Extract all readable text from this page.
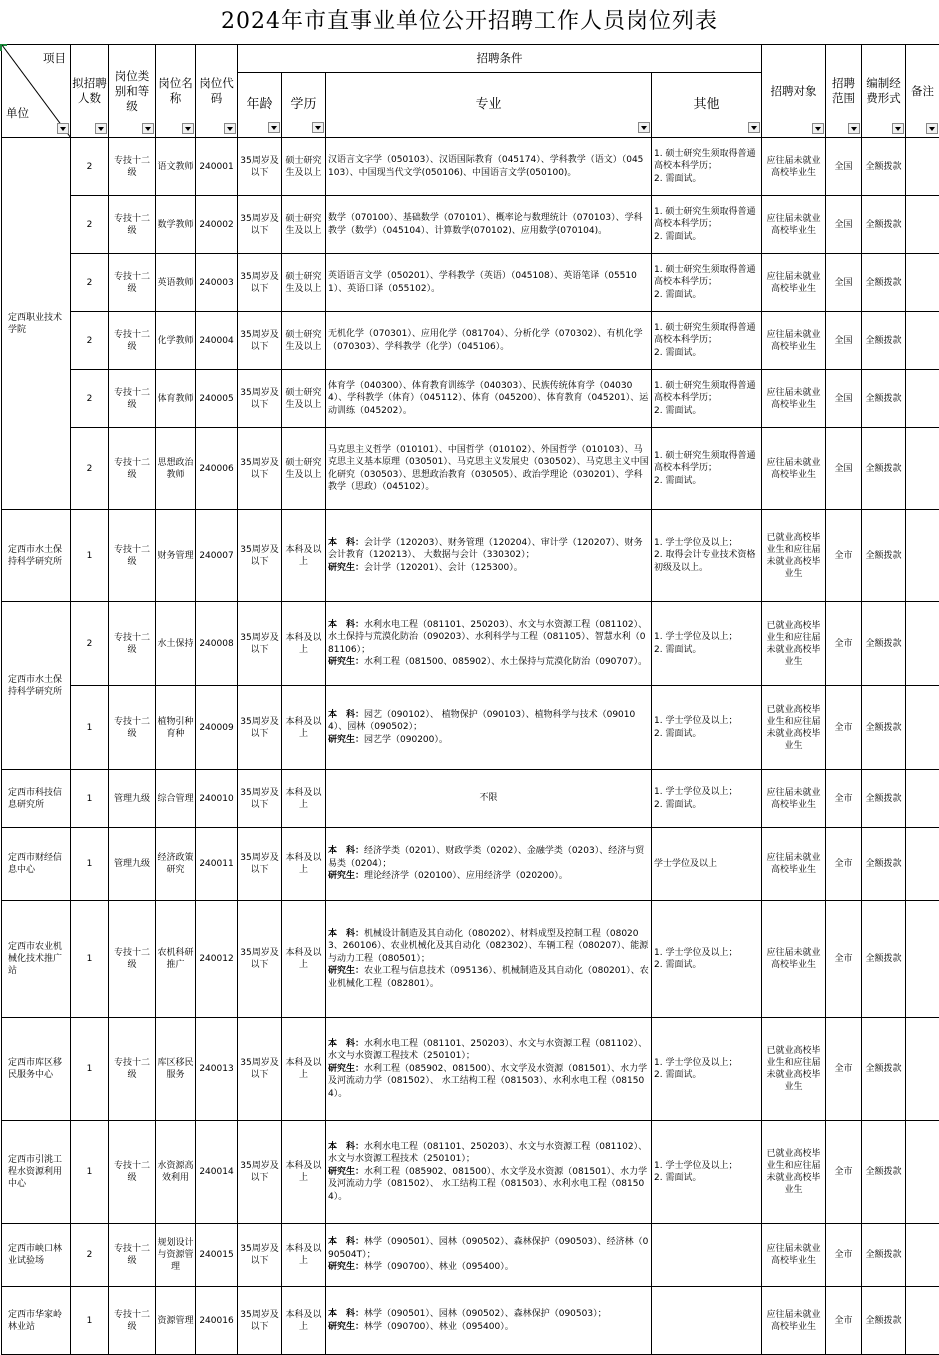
2024年市直事业单位公开招聘工作人员岗位列表
项目
单位	拟招聘人数	岗位类别和等级	岗位名称	岗位代码	招聘条件				招聘对象	招聘范围	编制经费形式	备注

					年龄	学历	专业	其他				

定西职业技术学院	2	专技十二级	语文教师	240001	35周岁及以下	硕士研究生及以上	汉语言文字学（050103）、汉语国际教育（045174）、学科教学（语文）（045103）、中国现当代文学(050106)、中国语言文学(050100)。	1. 硕士研究生须取得普通高校本科学历；
2. 需面试。	应往届未就业高校毕业生	全国	全额拨款	
	2	专技十二级	数学教师	240002	35周岁及以下	硕士研究生及以上	数学（070100）、基础数学（070101）、概率论与数理统计（070103）、学科教学（数学）（045104）、计算数学(070102)、应用数学(070104)。	1. 硕士研究生须取得普通高校本科学历；
2. 需面试。	应往届未就业高校毕业生	全国	全额拨款	
	2	专技十二级	英语教师	240003	35周岁及以下	硕士研究生及以上	英语语言文学（050201）、学科教学（英语）（045108）、英语笔译（055101）、英语口译（055102）。	1. 硕士研究生须取得普通高校本科学历；
2. 需面试。	应往届未就业高校毕业生	全国	全额拨款	
	2	专技十二级	化学教师	240004	35周岁及以下	硕士研究生及以上	无机化学（070301）、应用化学（081704）、分析化学（070302）、有机化学（070303）、学科教学（化学）（045106）。	1. 硕士研究生须取得普通高校本科学历；
2. 需面试。	应往届未就业高校毕业生	全国	全额拨款	
	2	专技十二级	体育教师	240005	35周岁及以下	硕士研究生及以上	体育学（040300）、体育教育训练学（040303）、民族传统体育学（040304）、学科教学（体育）（045112）、体育（045200）、体育教育（045201）、运动训练（045202）。	1. 硕士研究生须取得普通高校本科学历；
2. 需面试。	应往届未就业高校毕业生	全国	全额拨款	
	2	专技十二级	思想政治教师	240006	35周岁及以下	硕士研究生及以上	马克思主义哲学（010101）、中国哲学（010102）、外国哲学（010103）、马克思主义基本原理（030501）、马克思主义发展史（030502）、马克思主义中国化研究（030503）、思想政治教育（030505）、政治学理论（030201）、学科教学（思政）（045102）。	1. 硕士研究生须取得普通高校本科学历；
2. 需面试。	应往届未就业高校毕业生	全国	全额拨款	
定西市水土保持科学研究所	1	专技十二级	财务管理	240007	35周岁及以下	本科及以上	本　科：会计学（120203）、财务管理（120204）、审计学（120207）、财务会计教育（120213）、 大数据与会计（330302）；
研究生：会计学（120201）、会计（125300）。	1. 学士学位及以上；
2. 取得会计专业技术资格初级及以上。	已就业高校毕业生和应往届未就业高校毕业生	全市	全额拨款	
定西市水土保持科学研究所	2	专技十二级	水土保持	240008	35周岁及以下	本科及以上	本　科：水利水电工程（081101、250203）、水文与水资源工程（081102）、水土保持与荒漠化防治（090203）、水利科学与工程（081105）、智慧水利（081106）；
研究生：水利工程（081500、085902）、水土保持与荒漠化防治（090707）。	1. 学士学位及以上；
2. 需面试。	已就业高校毕业生和应往届未就业高校毕业生	全市	全额拨款	
	1	专技十二级	植物引种育种	240009	35周岁及以下	本科及以上	本　科：园艺（090102）、 植物保护（090103）、植物科学与技术（090104）、园林（090502）；
研究生：园艺学（090200）。	1. 学士学位及以上；
2. 需面试。	已就业高校毕业生和应往届未就业高校毕业生	全市	全额拨款	
定西市科技信息研究所	1	管理九级	综合管理	240010	35周岁及以下	本科及以上	不限	1. 学士学位及以上；
2. 需面试。	应往届未就业高校毕业生	全市	全额拨款	
定西市财经信息中心	1	管理九级	经济政策研究	240011	35周岁及以下	本科及以上	本　科：经济学类（0201）、财政学类（0202）、金融学类（0203）、经济与贸易类（0204）；
研究生：理论经济学（020100）、应用经济学（020200）。	学士学位及以上	应往届未就业高校毕业生	全市	全额拨款	
定西市农业机械化技术推广站	1	专技十二级	农机科研推广	240012	35周岁及以下	本科及以上	本　科：机械设计制造及其自动化（080202）、材料成型及控制工程（080203、260106）、农业机械化及其自动化（082302）、车辆工程（080207）、能源与动力工程（080501）；
研究生：农业工程与信息技术（095136）、机械制造及其自动化（080201）、农业机械化工程（082801）。	1. 学士学位及以上；
2. 需面试。	应往届未就业高校毕业生	全市	全额拨款	
定西市库区移民服务中心	1	专技十二级	库区移民服务	240013	35周岁及以下	本科及以上	本　科：水利水电工程（081101、250203）、水文与水资源工程（081102）、水文与水资源工程技术（250101）；
研究生：水利工程（085902、081500）、水文学及水资源（081501）、水力学及河流动力学（081502）、 水工结构工程（081503）、水利水电工程（081504）。	1. 学士学位及以上；
2. 需面试。	已就业高校毕业生和应往届未就业高校毕业生	全市	全额拨款	
定西市引洮工程水资源利用中心	1	专技十二级	水资源高效利用	240014	35周岁及以下	本科及以上	本　科：水利水电工程（081101、250203）、水文与水资源工程（081102）、水文与水资源工程技术（250101）；
研究生：水利工程（085902、081500）、水文学及水资源（081501）、水力学及河流动力学（081502）、 水工结构工程（081503）、水利水电工程（081504）。	1. 学士学位及以上；
2. 需面试。	已就业高校毕业生和应往届未就业高校毕业生	全市	全额拨款	
定西市峡口林业试验场	2	专技十二级	规划设计与资源管理	240015	35周岁及以下	本科及以上	本　科：林学（090501）、园林（090502）、森林保护（090503）、经济林（090504T）；
研究生：林学（090700）、林业（095400）。		应往届未就业高校毕业生	全市	全额拨款	
定西市华家岭林业站	1	专技十二级	资源管理	240016	35周岁及以下	本科及以上	本　科：林学（090501）、园林（090502）、森林保护（090503）；
研究生：林学（090700）、林业（095400）。		应往届未就业高校毕业生	全市	全额拨款	
